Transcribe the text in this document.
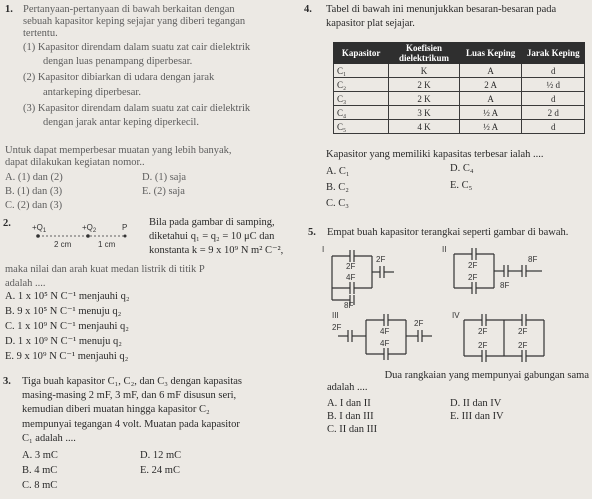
1. Pertanyaan-pertanyaan di bawah berkaitan dengan
sebuah kapasitor keping sejajar yang diberi tegangan
tertentu.
(1) Kapasitor direndam dalam suatu zat cair dielektrik
dengan luas penampang diperbesar.
(2) Kapasitor dibiarkan di udara dengan jarak
antarkeping diperbesar.
(3) Kapasitor direndam dalam suatu zat cair dielektrik
dengan jarak antar keping diperkecil.
Untuk dapat memperbesar muatan yang lebih banyak,
dapat dilakukan kegiatan nomor..
A. (1) dan (2)	D. (1) saja
B. (1) dan (3)	E. (2) saja
C. (2) dan (3)
2.	$+Q_1$	$+Q_2$	P
2 cm	1 cm
Bila pada gambar di samping,
diketahui q₁ = q₂ = 10 μC dan
konstanta k = 9 x 10⁹ N m² C⁻²,
maka nilai dan arah kuat medan listrik di titik P
adalah ....
A. 1 x 10⁵ N C⁻¹ menjauhi q₂
B. 9 x 10⁵ N C⁻¹ menuju q₂
C. 1 x 10⁹ N C⁻¹ menjauhi q₂
D. 1 x 10⁹ N C⁻¹ menuju q₂
E. 9 x 10⁹ N C⁻¹ menjauhi q₂
3. Tiga buah kapasitor C₁, C₂, dan C₃ dengan kapasitas
masing-masing 2 mF, 3 mF, dan 6 mF disusun seri,
kemudian diberi muatan hingga kapasitor C₂
mempunyai tegangan 4 volt. Muatan pada kapasitor
C₁ adalah ....
A. 3 mC	D. 12 mC
B. 4 mC	E. 24 mC
C. 8 mC
4. Tabel di bawah ini menunjukkan besaran-besaran pada
kapasitor plat sejajar.
Kapasitor	Koefisien dielektrikum	Luas Keping	Jarak Keping
C₁	K	A	d
C₂	2 K	2 A	½ d
C₃	2 K	A	d
C₄	3 K	½ A	2 d
C₅	4 K	½ A	d
Kapasitor yang memiliki kapasitas terbesar ialah ....
A. C₁	D. C₄
B. C₂	E. C₅
C. C₃
5. Empat buah kapasitor terangkai seperti gambar di bawah.
I
2F
4F
2F
8F
II
2F
2F
8F
8F
III
2F	4F
4F
2F
IV
2F
2F
2F
2F
Dua rangkaian yang mempunyai gabungan sama
adalah ....
A. I dan II	D. II dan IV
B. I dan III	E. III dan IV
C. II dan III
